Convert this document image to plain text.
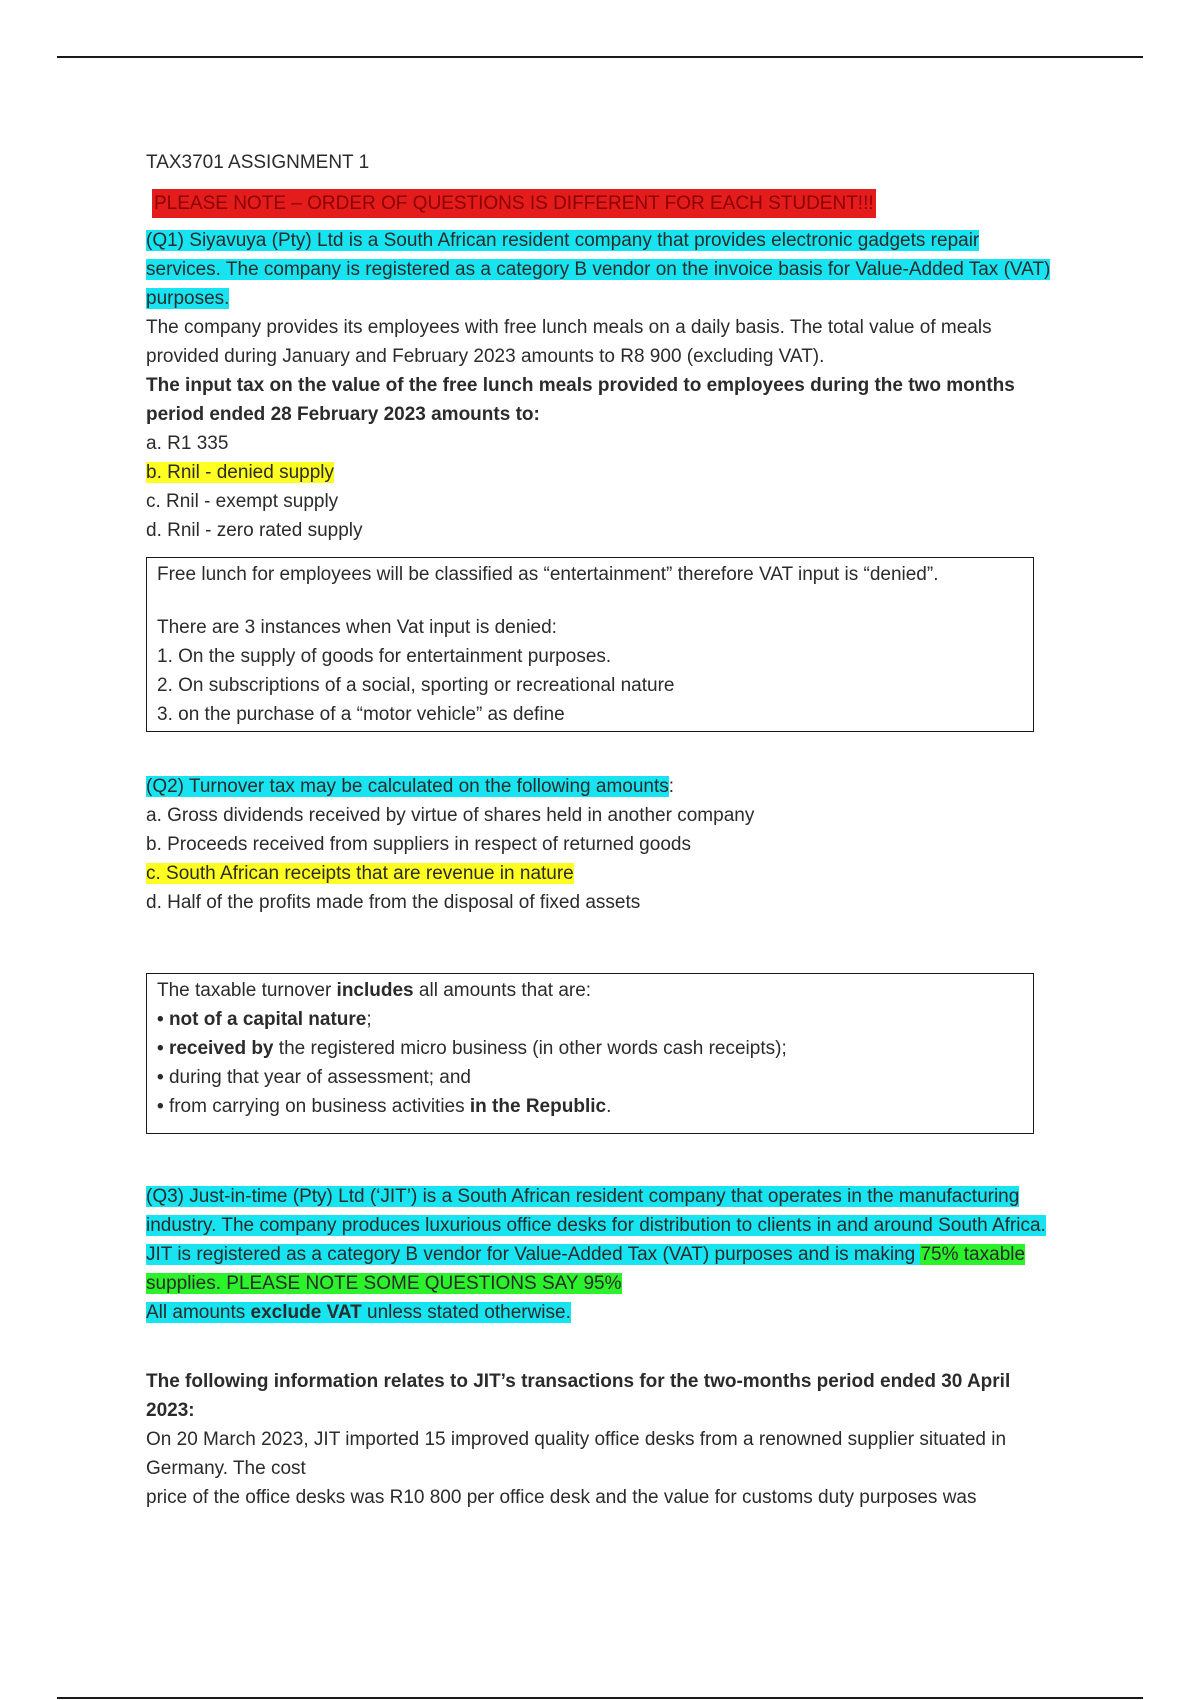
TAX3701 ASSIGNMENT 1
PLEASE NOTE – ORDER OF QUESTIONS IS DIFFERENT FOR EACH STUDENT!!!

(Q1) Siyavuya (Pty) Ltd is a South African resident company that provides electronic gadgets repair services. The company is registered as a category B vendor on the invoice basis for Value-Added Tax (VAT) purposes.

The company provides its employees with free lunch meals on a daily basis. The total value of meals provided during January and February 2023 amounts to R8 900 (excluding VAT).

The input tax on the value of the free lunch meals provided to employees during the two months period ended 28 February 2023 amounts to:

a. R1 335

b. Rnil - denied supply

c. Rnil - exempt supply

d. Rnil - zero rated supply

Free lunch for employees will be classified as “entertainment” therefore VAT input is “denied”.

There are 3 instances when Vat input is denied:

1. On the supply of goods for entertainment purposes.

2. On subscriptions of a social, sporting or recreational nature

3. on the purchase of a “motor vehicle” as define

(Q2) Turnover tax may be calculated on the following amounts:

a. Gross dividends received by virtue of shares held in another company

b. Proceeds received from suppliers in respect of returned goods

c. South African receipts that are revenue in nature

d. Half of the profits made from the disposal of fixed assets

The taxable turnover includes all amounts that are:

• not of a capital nature;
• received by the registered micro business (in other words cash receipts);
• during that year of assessment; and
• from carrying on business activities in the Republic.

(Q3) Just-in-time (Pty) Ltd (‘JIT’) is a South African resident company that operates in the manufacturing industry. The company produces luxurious office desks for distribution to clients in and around South Africa. JIT is registered as a category B vendor for Value-Added Tax (VAT) purposes and is making 75% taxable supplies. PLEASE NOTE SOME QUESTIONS SAY 95%

All amounts exclude VAT unless stated otherwise.

The following information relates to JIT’s transactions for the two-months period ended 30 April 2023:

On 20 March 2023, JIT imported 15 improved quality office desks from a renowned supplier situated in Germany. The cost

price of the office desks was R10 800 per office desk and the value for customs duty purposes was
